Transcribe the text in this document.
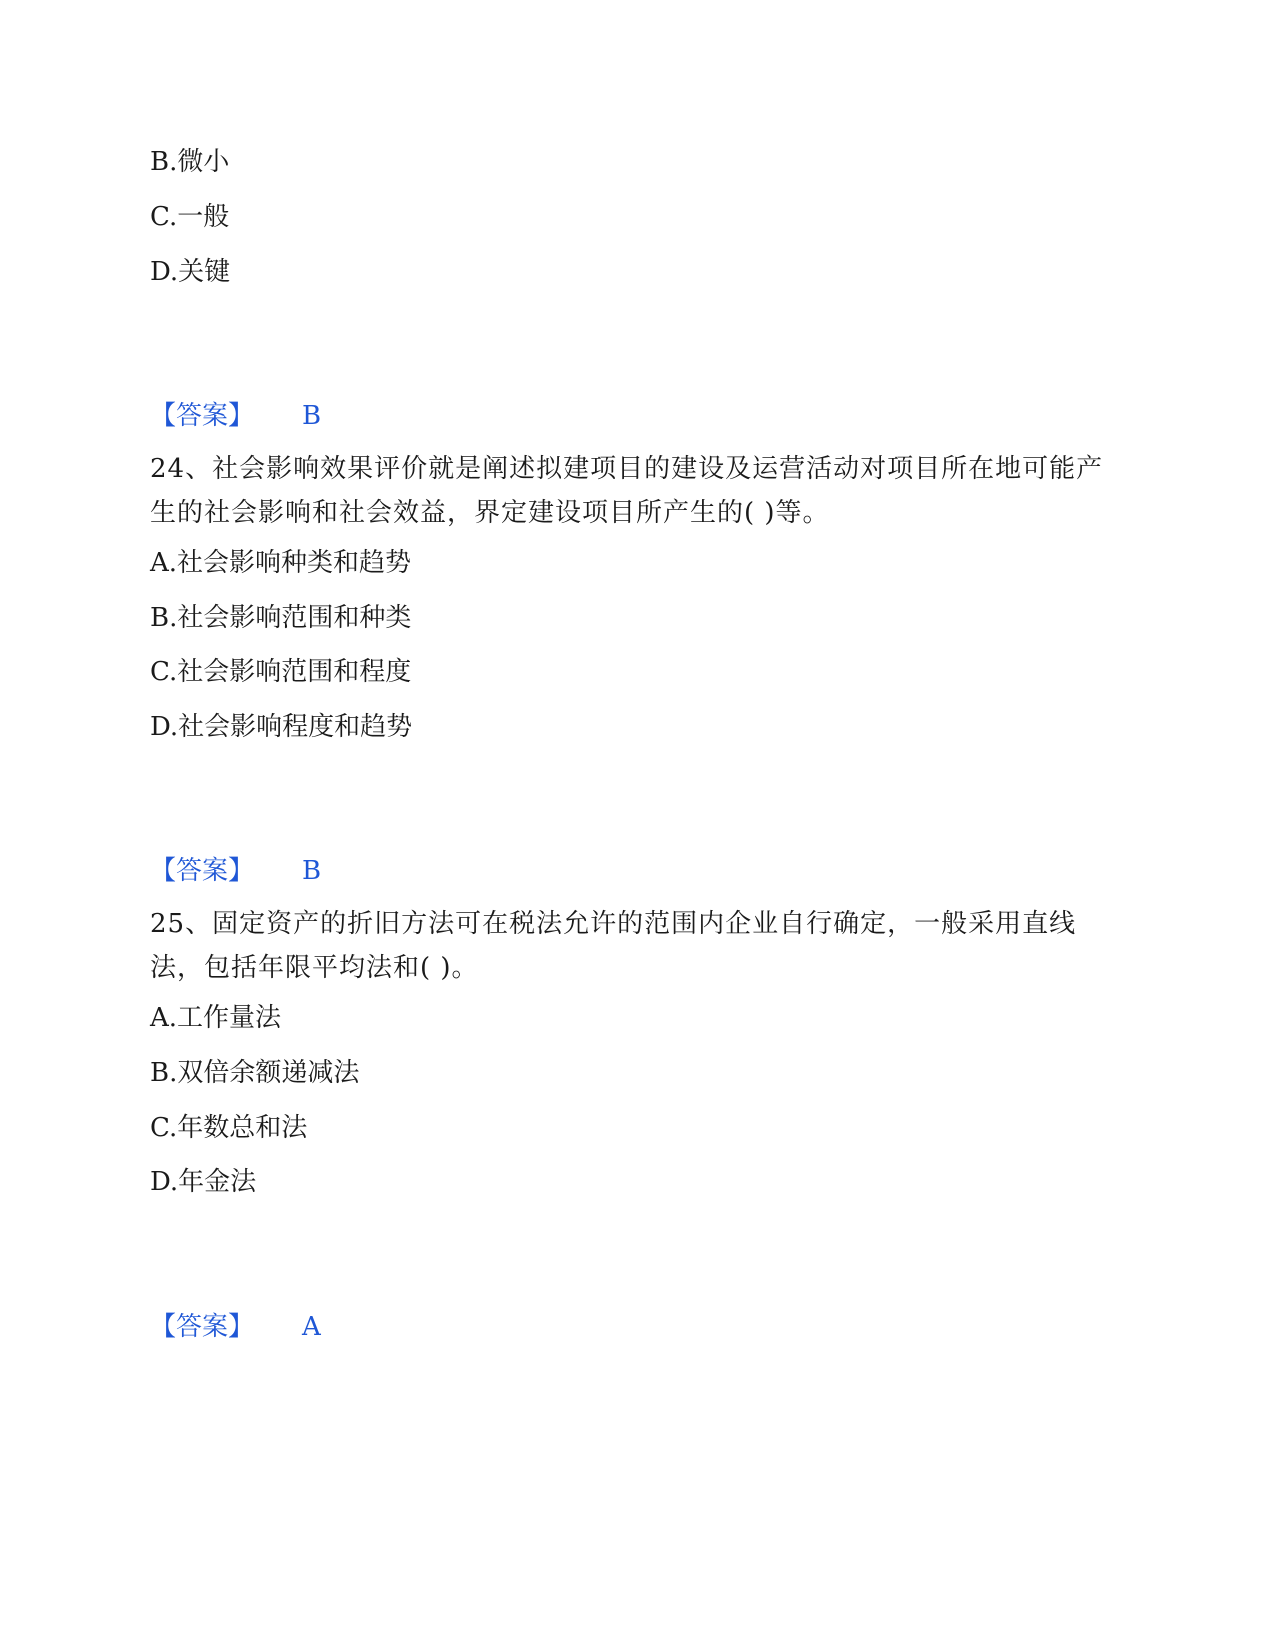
B.微小
C.一般
D.关键
【答案】 B
24、社会影响效果评价就是阐述拟建项目的建设及运营活动对项目所在地可能产生的社会影响和社会效益，界定建设项目所产生的( )等。
A.社会影响种类和趋势
B.社会影响范围和种类
C.社会影响范围和程度
D.社会影响程度和趋势
【答案】 B
25、固定资产的折旧方法可在税法允许的范围内企业自行确定，一般采用直线法，包括年限平均法和( )。
A.工作量法
B.双倍余额递减法
C.年数总和法
D.年金法
【答案】 A
